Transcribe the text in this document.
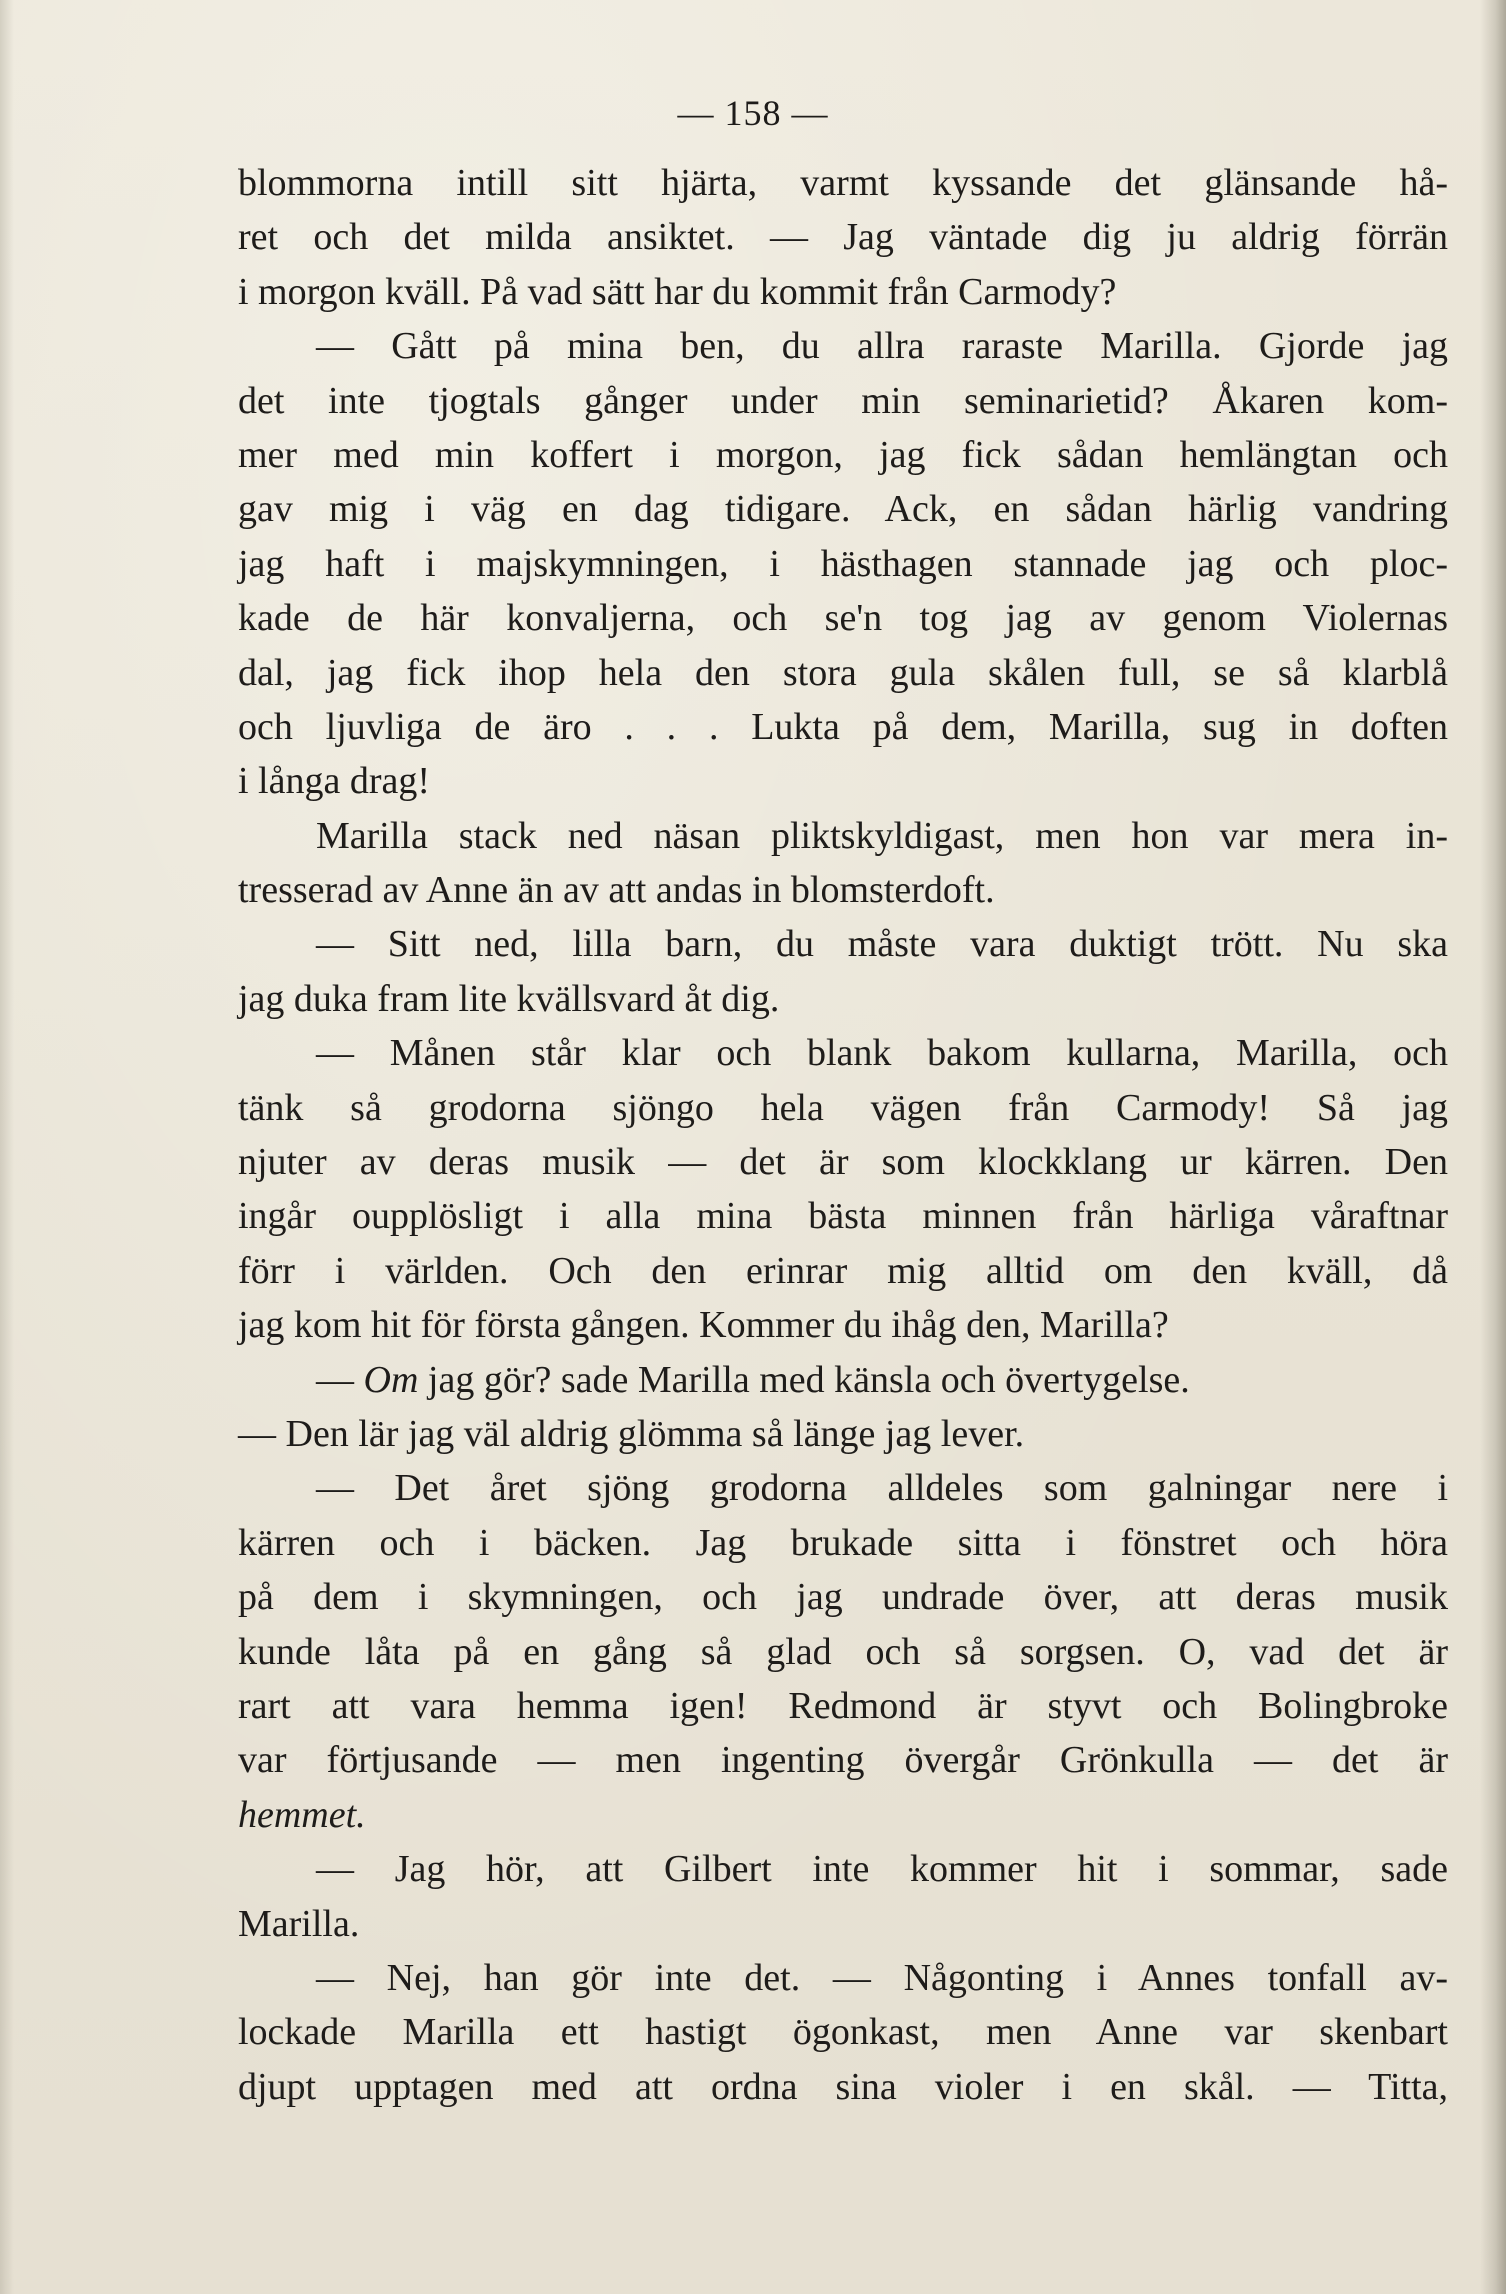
— 158 —
blommorna intill sitt hjärta, varmt kyssande det glänsande hå-
ret och det milda ansiktet. — Jag väntade dig ju aldrig förrän
i morgon kväll. På vad sätt har du kommit från Carmody?
— Gått på mina ben, du allra raraste Marilla. Gjorde jag
det inte tjogtals gånger under min seminarietid? Åkaren kom-
mer med min koffert i morgon, jag fick sådan hemlängtan och
gav mig i väg en dag tidigare. Ack, en sådan härlig vandring
jag haft i majskymningen, i hästhagen stannade jag och ploc-
kade de här konvaljerna, och se'n tog jag av genom Violernas
dal, jag fick ihop hela den stora gula skålen full, se så klarblå
och ljuvliga de äro . . . Lukta på dem, Marilla, sug in doften
i långa drag!
Marilla stack ned näsan pliktskyldigast, men hon var mera in-
tresserad av Anne än av att andas in blomsterdoft.
— Sitt ned, lilla barn, du måste vara duktigt trött. Nu ska
jag duka fram lite kvällsvard åt dig.
— Månen står klar och blank bakom kullarna, Marilla, och
tänk så grodorna sjöngo hela vägen från Carmody! Så jag
njuter av deras musik — det är som klockklang ur kärren. Den
ingår oupplösligt i alla mina bästa minnen från härliga våraftnar
förr i världen. Och den erinrar mig alltid om den kväll, då
jag kom hit för första gången. Kommer du ihåg den, Marilla?
— Om jag gör? sade Marilla med känsla och övertygelse.
— Den lär jag väl aldrig glömma så länge jag lever.
— Det året sjöng grodorna alldeles som galningar nere i
kärren och i bäcken. Jag brukade sitta i fönstret och höra
på dem i skymningen, och jag undrade över, att deras musik
kunde låta på en gång så glad och så sorgsen. O, vad det är
rart att vara hemma igen! Redmond är styvt och Bolingbroke
var förtjusande — men ingenting övergår Grönkulla — det är
hemmet.
— Jag hör, att Gilbert inte kommer hit i sommar, sade
Marilla.
— Nej, han gör inte det. — Någonting i Annes tonfall av-
lockade Marilla ett hastigt ögonkast, men Anne var skenbart
djupt upptagen med att ordna sina violer i en skål. — Titta,
